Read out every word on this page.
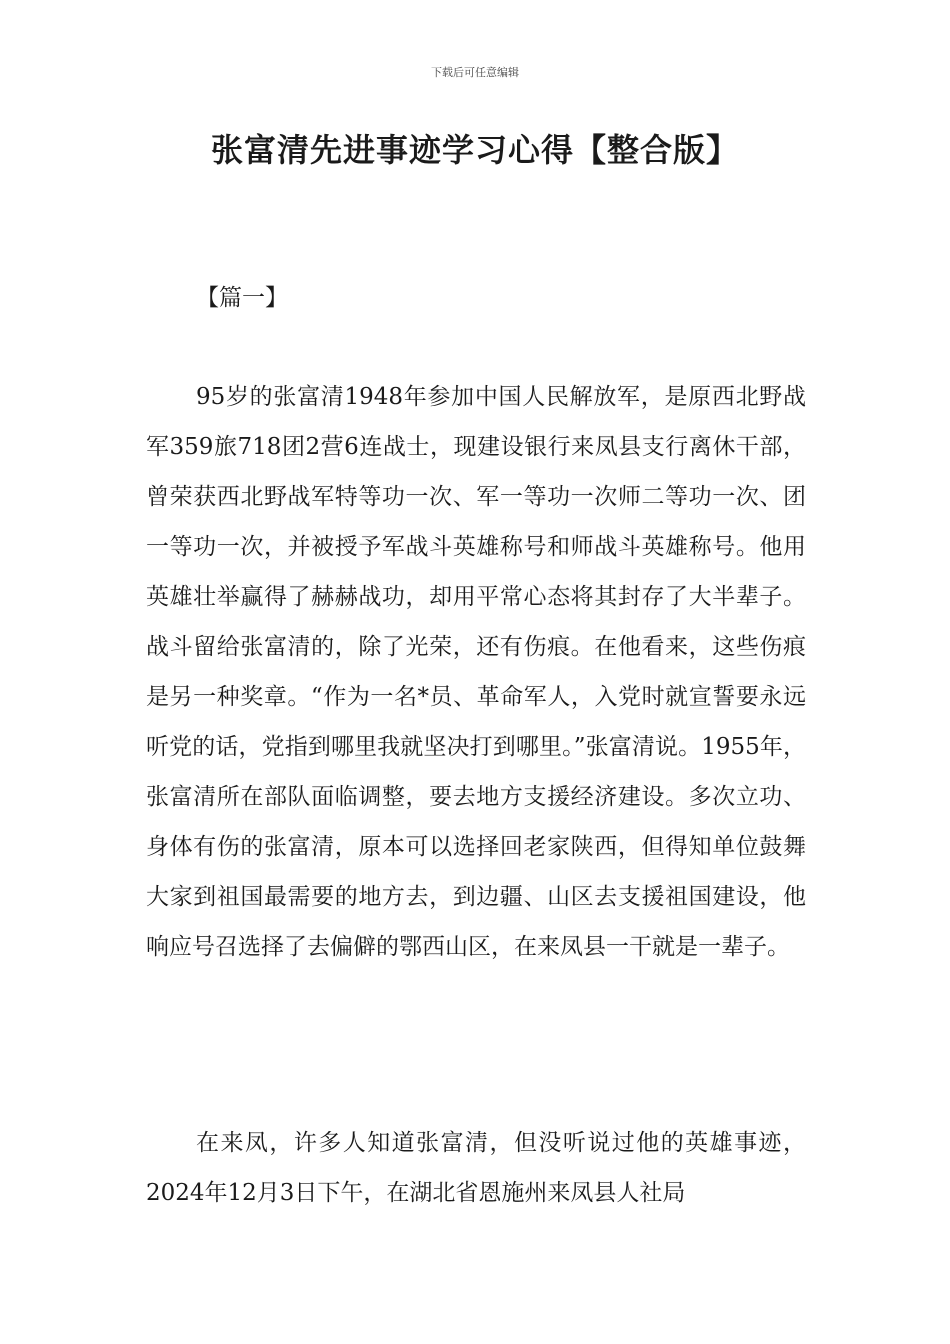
下载后可任意编辑
张富清先进事迹学习心得【整合版】
【篇一】

95岁的张富清1948年参加中国人民解放军，是原西北野战军359旅718团2营6连战士，现建设银行来凤县支行离休干部，曾荣获西北野战军特等功一次、军一等功一次师二等功一次、团一等功一次，并被授予军战斗英雄称号和师战斗英雄称号。他用英雄壮举赢得了赫赫战功，却用平常心态将其封存了大半辈子。战斗留给张富清的，除了光荣，还有伤痕。在他看来，这些伤痕是另一种奖章。“作为一名*员、革命军人，入党时就宣誓要永远听党的话，党指到哪里我就坚决打到哪里。”张富清说。1955年，张富清所在部队面临调整，要去地方支援经济建设。多次立功、身体有伤的张富清，原本可以选择回老家陕西，但得知单位鼓舞大家到祖国最需要的地方去，到边疆、山区去支援祖国建设，他响应号召选择了去偏僻的鄂西山区，在来凤县一干就是一辈子。

在来凤，许多人知道张富清，但没听说过他的英雄事迹，2024年12月3日下午，在湖北省恩施州来凤县人社局
